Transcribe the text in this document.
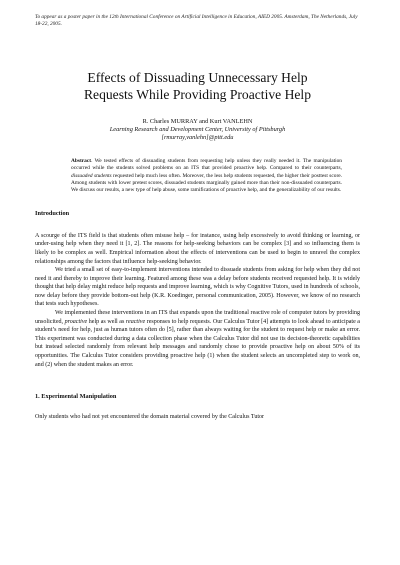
To appear as a poster paper in the 12th International Conference on Artificial Intelligence in Education, AIED 2005. Amsterdam, The Netherlands, July 18-22, 2005.

Effects of Dissuading Unnecessary Help
Requests While Providing Proactive Help

R. Charles MURRAY and Kurt VANLEHN

Learning Research and Development Center, University of Pittsburgh

[rmurray,vanlehn]@pitt.edu

Abstract. We tested effects of dissuading students from requesting help unless they really needed it. The manipulation occurred while the students solved problems on an ITS that provided proactive help. Compared to their counterparts, dissuaded students requested help much less often. Moreover, the less help students requested, the higher their posttest score. Among students with lower pretest scores, dissuaded students marginally gained more than their non-dissuaded counterparts. We discuss our results, a new type of help abuse, some ramifications of proactive help, and the generalizability of our results.

Introduction

A scourge of the ITS field is that students often misuse help – for instance, using help excessively to avoid thinking or learning, or under-using help when they need it [1, 2]. The reasons for help-seeking behaviors can be complex [3] and so influencing them is likely to be complex as well. Empirical information about the effects of interventions can be used to begin to unravel the complex relationships among the factors that influence help-seeking behavior.

We tried a small set of easy-to-implement interventions intended to dissuade students from asking for help when they did not need it and thereby to improve their learning. Featured among these was a delay before students received requested help. It is widely thought that help delay might reduce help requests and improve learning, which is why Cognitive Tutors, used in hundreds of schools, now delay before they provide bottom-out help (K.R. Koedinger, personal communication, 2005). However, we know of no research that tests such hypotheses.

We implemented these interventions in an ITS that expands upon the traditional reactive role of computer tutors by providing unsolicited, proactive help as well as reactive responses to help requests. Our Calculus Tutor [4] attempts to look ahead to anticipate a student’s need for help, just as human tutors often do [5], rather than always waiting for the student to request help or make an error. This experiment was conducted during a data collection phase when the Calculus Tutor did not use its decision-theoretic capabilities but instead selected randomly from relevant help messages and randomly chose to provide proactive help on about 50% of its opportunities. The Calculus Tutor considers providing proactive help (1) when the student selects an uncompleted step to work on, and (2) when the student makes an error.

1. Experimental Manipulation

Only students who had not yet encountered the domain material covered by the Calculus Tutor
